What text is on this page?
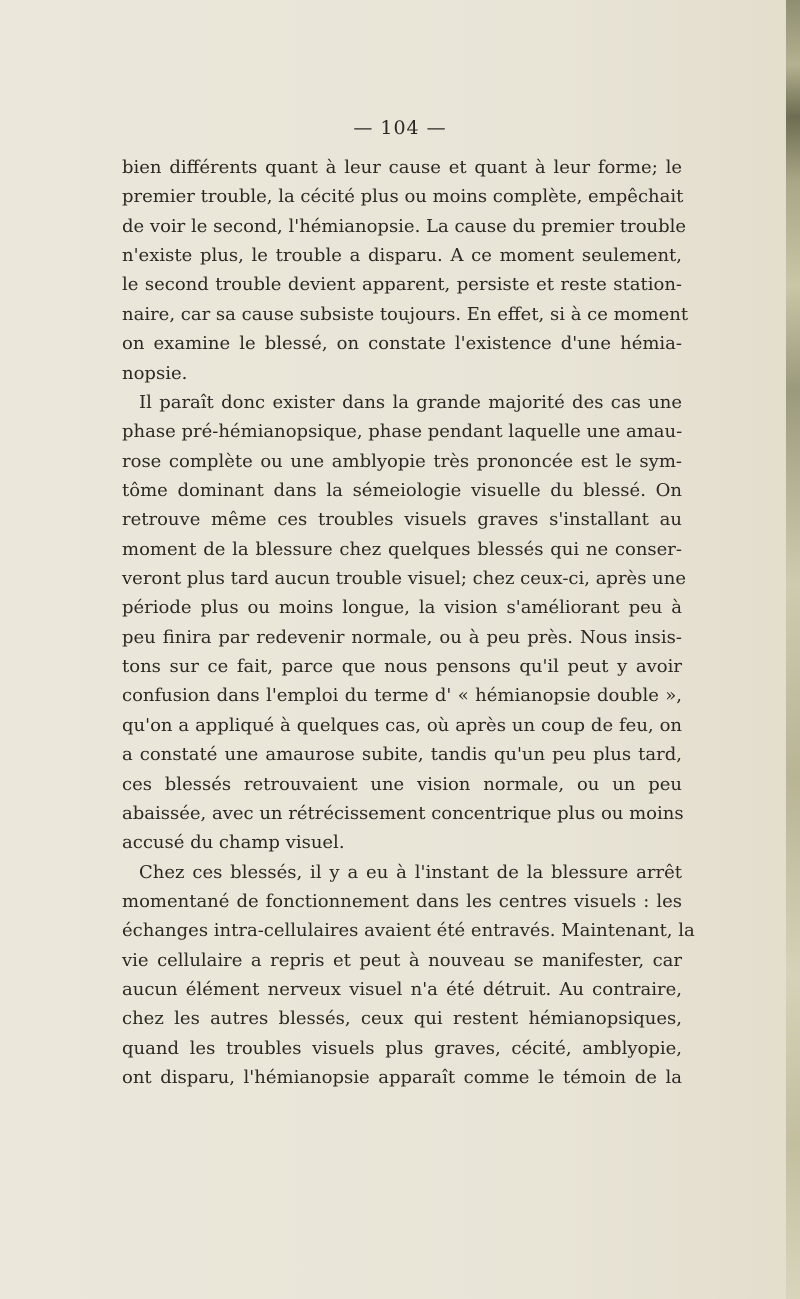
— 104 —
bien différents quant à leur cause et quant à leur forme; le
premier trouble, la cécité plus ou moins complète, empêchait
de voir le second, l'hémianopsie. La cause du premier trouble
n'existe plus, le trouble a disparu. A ce moment seulement,
le second trouble devient apparent, persiste et reste station-
naire, car sa cause subsiste toujours. En effet, si à ce moment
on examine le blessé, on constate l'existence d'une hémia-
nopsie.
Il paraît donc exister dans la grande majorité des cas une
phase pré-hémianopsique, phase pendant laquelle une amau-
rose complète ou une amblyopie très prononcée est le sym-
tôme dominant dans la sémeiologie visuelle du blessé. On
retrouve même ces troubles visuels graves s'installant au
moment de la blessure chez quelques blessés qui ne conser-
veront plus tard aucun trouble visuel; chez ceux-ci, après une
période plus ou moins longue, la vision s'améliorant peu à
peu finira par redevenir normale, ou à peu près. Nous insis-
tons sur ce fait, parce que nous pensons qu'il peut y avoir
confusion dans l'emploi du terme d' « hémianopsie double »,
qu'on a appliqué à quelques cas, où après un coup de feu, on
a constaté une amaurose subite, tandis qu'un peu plus tard,
ces blessés retrouvaient une vision normale, ou un peu
abaissée, avec un rétrécissement concentrique plus ou moins
accusé du champ visuel.
Chez ces blessés, il y a eu à l'instant de la blessure arrêt
momentané de fonctionnement dans les centres visuels : les
échanges intra-cellulaires avaient été entravés. Maintenant, la
vie cellulaire a repris et peut à nouveau se manifester, car
aucun élément nerveux visuel n'a été détruit. Au contraire,
chez les autres blessés, ceux qui restent hémianopsiques,
quand les troubles visuels plus graves, cécité, amblyopie,
ont disparu, l'hémianopsie apparaît comme le témoin de la
